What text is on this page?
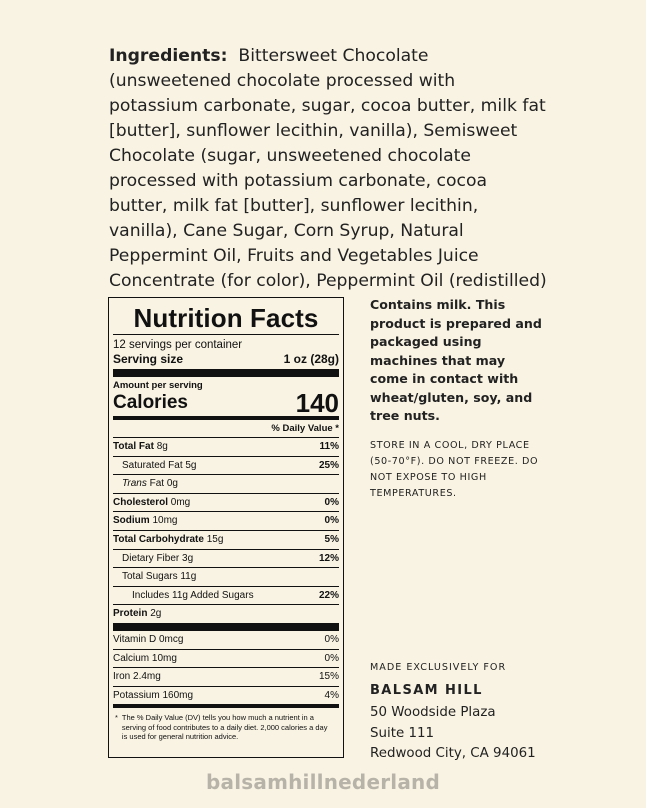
Ingredients: Bittersweet Chocolate (unsweetened chocolate processed with potassium carbonate, sugar, cocoa butter, milk fat [butter], sunflower lecithin, vanilla), Semisweet Chocolate (sugar, unsweetened chocolate processed with potassium carbonate, cocoa butter, milk fat [butter], sunflower lecithin, vanilla), Cane Sugar, Corn Syrup, Natural Peppermint Oil, Fruits and Vegetables Juice Concentrate (for color), Peppermint Oil (redistilled)
Nutrition Facts
12 servings per container
Serving size	1 oz (28g)
Amount per serving
Calories	140
% Daily Value *
Total Fat 8g	11%
Saturated Fat 5g	25%
Trans Fat 0g
Cholesterol 0mg	0%
Sodium 10mg	0%
Total Carbohydrate 15g	5%
Dietary Fiber 3g	12%
Total Sugars 11g
Includes 11g Added Sugars	22%
Protein 2g
Vitamin D 0mcg	0%
Calcium 10mg	0%
Iron 2.4mg	15%
Potassium 160mg	4%
* The % Daily Value (DV) tells you how much a nutrient in a serving of food contributes to a daily diet. 2,000 calories a day is used for general nutrition advice.
Contains milk. This product is prepared and packaged using machines that may come in contact with wheat/gluten, soy, and tree nuts.
STORE IN A COOL, DRY PLACE (50-70°F). DO NOT FREEZE. DO NOT EXPOSE TO HIGH TEMPERATURES.
MADE EXCLUSIVELY FOR
BALSAM HILL
50 Woodside Plaza
Suite 111
Redwood City, CA 94061
balsamhillnederland
